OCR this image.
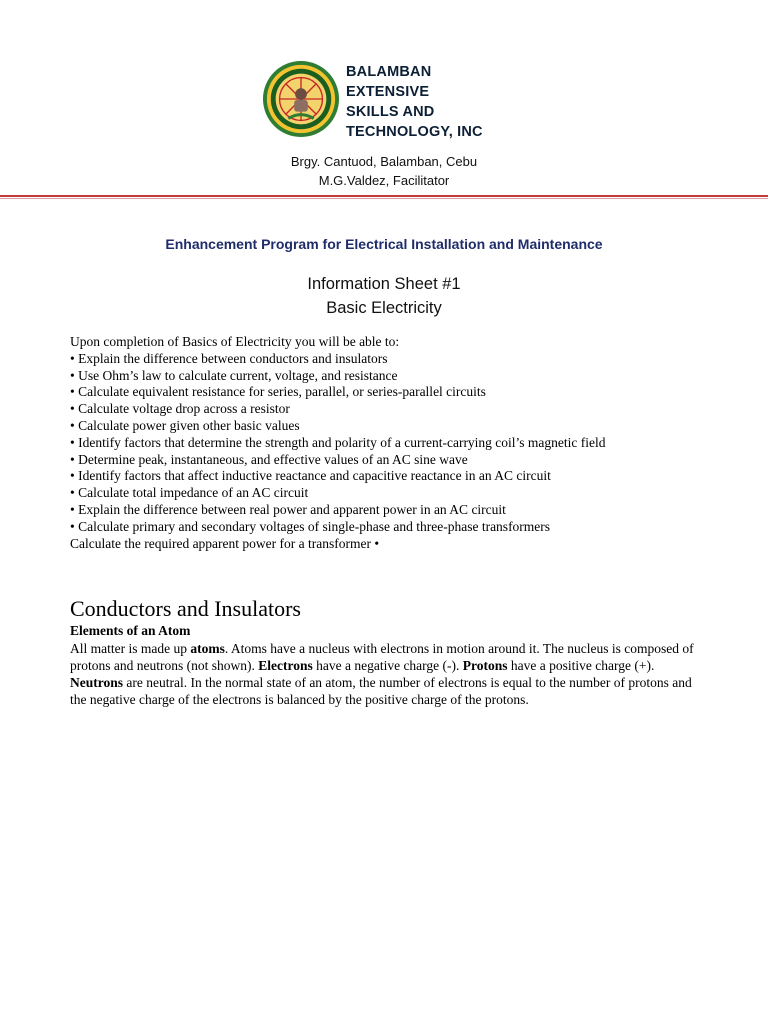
BALAMBAN
EXTENSIVE
SKILLS AND
TECHNOLOGY, INC
Brgy. Cantuod, Balamban, Cebu
M.G.Valdez, Facilitator
Enhancement Program for Electrical Installation and Maintenance
Information Sheet #1
Basic Electricity
Upon completion of Basics of Electricity you will be able to:
• Explain the difference between conductors and insulators
• Use Ohm’s law to calculate current, voltage, and resistance
• Calculate equivalent resistance for series, parallel, or series-parallel circuits
• Calculate voltage drop across a resistor
• Calculate power given other basic values
• Identify factors that determine the strength and polarity of a current-carrying coil’s magnetic field
• Determine peak, instantaneous, and effective values of an AC sine wave
• Identify factors that affect inductive reactance and capacitive reactance in an AC circuit
• Calculate total impedance of an AC circuit
• Explain the difference between real power and apparent power in an AC circuit
• Calculate primary and secondary voltages of single-phase and three-phase transformers
Calculate the required apparent power for a transformer •
Conductors and Insulators
Elements of an Atom
All matter is made up atoms. Atoms have a nucleus with electrons in motion around it. The nucleus is composed of protons and neutrons (not shown). Electrons have a negative charge (-). Protons have a positive charge (+). Neutrons are neutral. In the normal state of an atom, the number of electrons is equal to the number of protons and the negative charge of the electrons is balanced by the positive charge of the protons.
